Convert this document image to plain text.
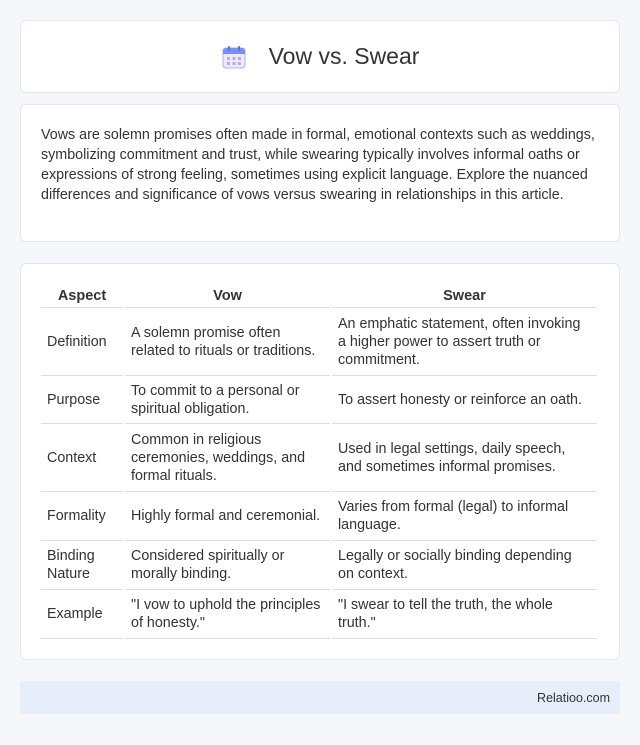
Vow vs. Swear

Vows are solemn promises often made in formal, emotional contexts such as weddings, symbolizing commitment and trust, while swearing typically involves informal oaths or expressions of strong feeling, sometimes using explicit language. Explore the nuanced differences and significance of vows versus swearing in relationships in this article.

Aspect	Vow	Swear
Definition	A solemn promise often related to rituals or traditions.	An emphatic statement, often invoking a higher power to assert truth or commitment.
Purpose	To commit to a personal or spiritual obligation.	To assert honesty or reinforce an oath.
Context	Common in religious ceremonies, weddings, and formal rituals.	Used in legal settings, daily speech, and sometimes informal promises.
Formality	Highly formal and ceremonial.	Varies from formal (legal) to informal language.
Binding Nature	Considered spiritually or morally binding.	Legally or socially binding depending on context.
Example	"I vow to uphold the principles of honesty."	"I swear to tell the truth, the whole truth."
Relatioo.com
